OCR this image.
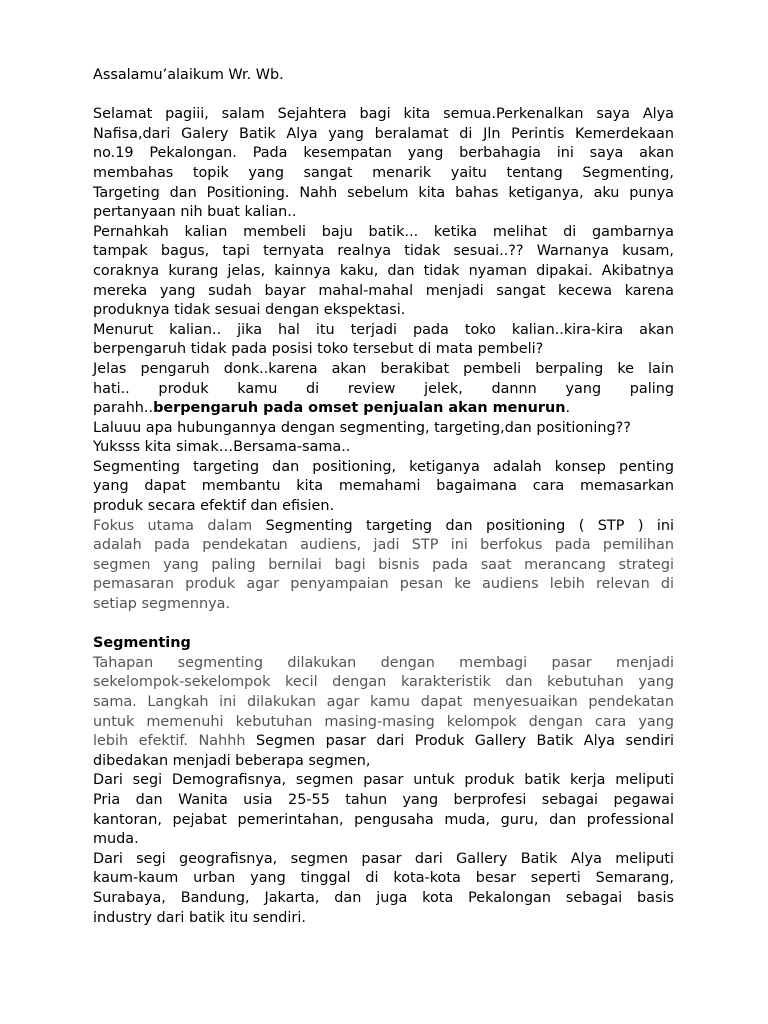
Assalamu’alaikum Wr. Wb.
Selamat pagiii, salam Sejahtera bagi kita semua.Perkenalkan saya Alya
Nafisa,dari Galery Batik Alya yang beralamat di Jln Perintis Kemerdekaan
no.19 Pekalongan. Pada kesempatan yang berbahagia ini saya akan
membahas topik yang sangat menarik yaitu tentang Segmenting,
Targeting dan Positioning. Nahh sebelum kita bahas ketiganya, aku punya
pertanyaan nih buat kalian..
Pernahkah kalian membeli baju batik... ketika melihat di gambarnya
tampak bagus, tapi ternyata realnya tidak sesuai..?? Warnanya kusam,
coraknya kurang jelas, kainnya kaku, dan tidak nyaman dipakai. Akibatnya
mereka yang sudah bayar mahal-mahal menjadi sangat kecewa karena
produknya tidak sesuai dengan ekspektasi.
Menurut kalian.. jika hal itu terjadi pada toko kalian..kira-kira akan
berpengaruh tidak pada posisi toko tersebut di mata pembeli?
Jelas pengaruh donk..karena akan berakibat pembeli berpaling ke lain
hati.. produk kamu di review jelek, dannn yang paling
parahh..berpengaruh pada omset penjualan akan menurun.
Laluuu apa hubungannya dengan segmenting, targeting,dan positioning??
Yuksss kita simak…Bersama-sama..
Segmenting targeting dan positioning, ketiganya adalah konsep penting
yang dapat membantu kita memahami bagaimana cara memasarkan
produk secara efektif dan efisien.
Fokus utama dalam Segmenting targeting dan positioning ( STP ) ini
adalah pada pendekatan audiens, jadi STP ini berfokus pada pemilihan
segmen yang paling bernilai bagi bisnis pada saat merancang strategi
pemasaran produk agar penyampaian pesan ke audiens lebih relevan di
setiap segmennya.
Segmenting
Tahapan segmenting dilakukan dengan membagi pasar menjadi
sekelompok-sekelompok kecil dengan karakteristik dan kebutuhan yang
sama. Langkah ini dilakukan agar kamu dapat menyesuaikan pendekatan
untuk memenuhi kebutuhan masing-masing kelompok dengan cara yang
lebih efektif. Nahhh Segmen pasar dari Produk Gallery Batik Alya sendiri
dibedakan menjadi beberapa segmen,
Dari segi Demografisnya, segmen pasar untuk produk batik kerja meliputi
Pria dan Wanita usia 25-55 tahun yang berprofesi sebagai pegawai
kantoran, pejabat pemerintahan, pengusaha muda, guru, dan professional
muda.
Dari segi geografisnya, segmen pasar dari Gallery Batik Alya meliputi
kaum-kaum urban yang tinggal di kota-kota besar seperti Semarang,
Surabaya, Bandung, Jakarta, dan juga kota Pekalongan sebagai basis
industry dari batik itu sendiri.
